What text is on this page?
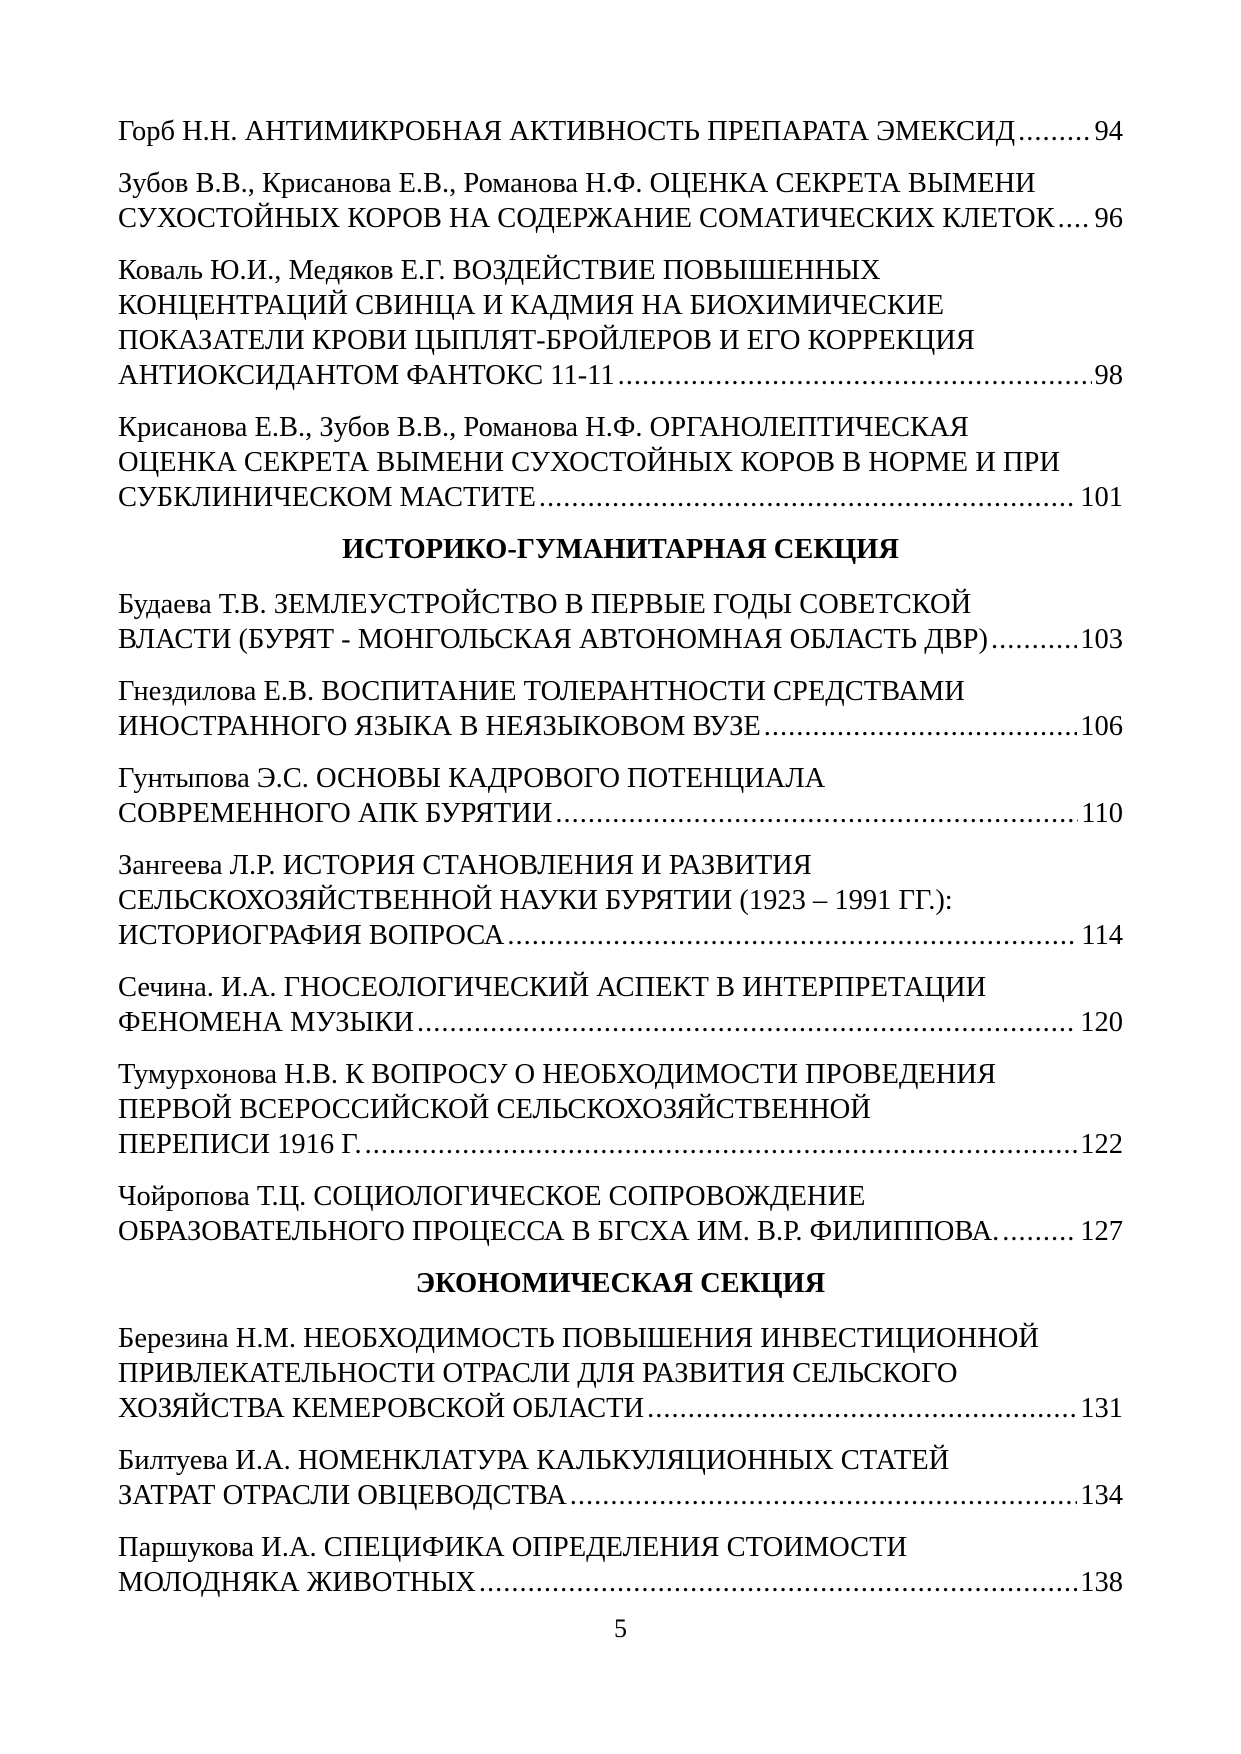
Горб Н.Н. АНТИМИКРОБНАЯ АКТИВНОСТЬ ПРЕПАРАТА ЭМЕКСИД .....	94
Зубов В.В., Крисанова Е.В., Романова Н.Ф. ОЦЕНКА СЕКРЕТА ВЫМЕНИ
СУХОСТОЙНЫХ КОРОВ НА СОДЕРЖАНИЕ СОМАТИЧЕСКИХ КЛЕТОК ..... 96
Коваль Ю.И., Медяков Е.Г. ВОЗДЕЙСТВИЕ ПОВЫШЕННЫХ
КОНЦЕНТРАЦИЙ СВИНЦА И КАДМИЯ НА БИОХИМИЧЕСКИЕ
ПОКАЗАТЕЛИ КРОВИ ЦЫПЛЯТ-БРОЙЛЕРОВ И ЕГО КОРРЕКЦИЯ
АНТИОКСИДАНТОМ ФАНТОКС 11-11 .....	98
Крисанова Е.В., Зубов В.В., Романова Н.Ф. ОРГАНОЛЕПТИЧЕСКАЯ
ОЦЕНКА СЕКРЕТА ВЫМЕНИ СУХОСТОЙНЫХ КОРОВ В НОРМЕ И ПРИ
СУБКЛИНИЧЕСКОМ МАСТИТЕ .....	101
ИСТОРИКО-ГУМАНИТАРНАЯ СЕКЦИЯ
Будаева Т.В. ЗЕМЛЕУСТРОЙСТВО В ПЕРВЫЕ ГОДЫ СОВЕТСКОЙ
ВЛАСТИ (БУРЯТ - МОНГОЛЬСКАЯ АВТОНОМНАЯ ОБЛАСТЬ ДВР) .....	103
Гнездилова Е.В. ВОСПИТАНИЕ ТОЛЕРАНТНОСТИ СРЕДСТВАМИ
ИНОСТРАННОГО ЯЗЫКА В НЕЯЗЫКОВОМ ВУЗЕ .....	106
Гунтыпова Э.С. ОСНОВЫ КАДРОВОГО ПОТЕНЦИАЛА
СОВРЕМЕННОГО АПК БУРЯТИИ .....	110
Зангеева Л.Р. ИСТОРИЯ СТАНОВЛЕНИЯ И РАЗВИТИЯ
СЕЛЬСКОХОЗЯЙСТВЕННОЙ НАУКИ БУРЯТИИ (1923 – 1991 ГГ.):
ИСТОРИОГРАФИЯ ВОПРОСА .....	114
Сечина. И.А. ГНОСЕОЛОГИЧЕСКИЙ АСПЕКТ В ИНТЕРПРЕТАЦИИ
ФЕНОМЕНА МУЗЫКИ .....	120
Тумурхонова Н.В. К ВОПРОСУ О НЕОБХОДИМОСТИ ПРОВЕДЕНИЯ
ПЕРВОЙ ВСЕРОССИЙСКОЙ СЕЛЬСКОХОЗЯЙСТВЕННОЙ
ПЕРЕПИСИ 1916 Г. .....	122
Чойропова Т.Ц. СОЦИОЛОГИЧЕСКОЕ СОПРОВОЖДЕНИЕ
ОБРАЗОВАТЕЛЬНОГО ПРОЦЕССА В БГСХА ИМ. В.Р. ФИЛИППОВА. .....	127
ЭКОНОМИЧЕСКАЯ СЕКЦИЯ
Березина Н.М. НЕОБХОДИМОСТЬ ПОВЫШЕНИЯ ИНВЕСТИЦИОННОЙ
ПРИВЛЕКАТЕЛЬНОСТИ ОТРАСЛИ ДЛЯ РАЗВИТИЯ СЕЛЬСКОГО
ХОЗЯЙСТВА КЕМЕРОВСКОЙ ОБЛАСТИ .....	131
Билтуева И.А. НОМЕНКЛАТУРА КАЛЬКУЛЯЦИОННЫХ СТАТЕЙ
ЗАТРАТ ОТРАСЛИ ОВЦЕВОДСТВА .....	134
Паршукова И.А. СПЕЦИФИКА ОПРЕДЕЛЕНИЯ СТОИМОСТИ
МОЛОДНЯКА ЖИВОТНЫХ .....	138
5
